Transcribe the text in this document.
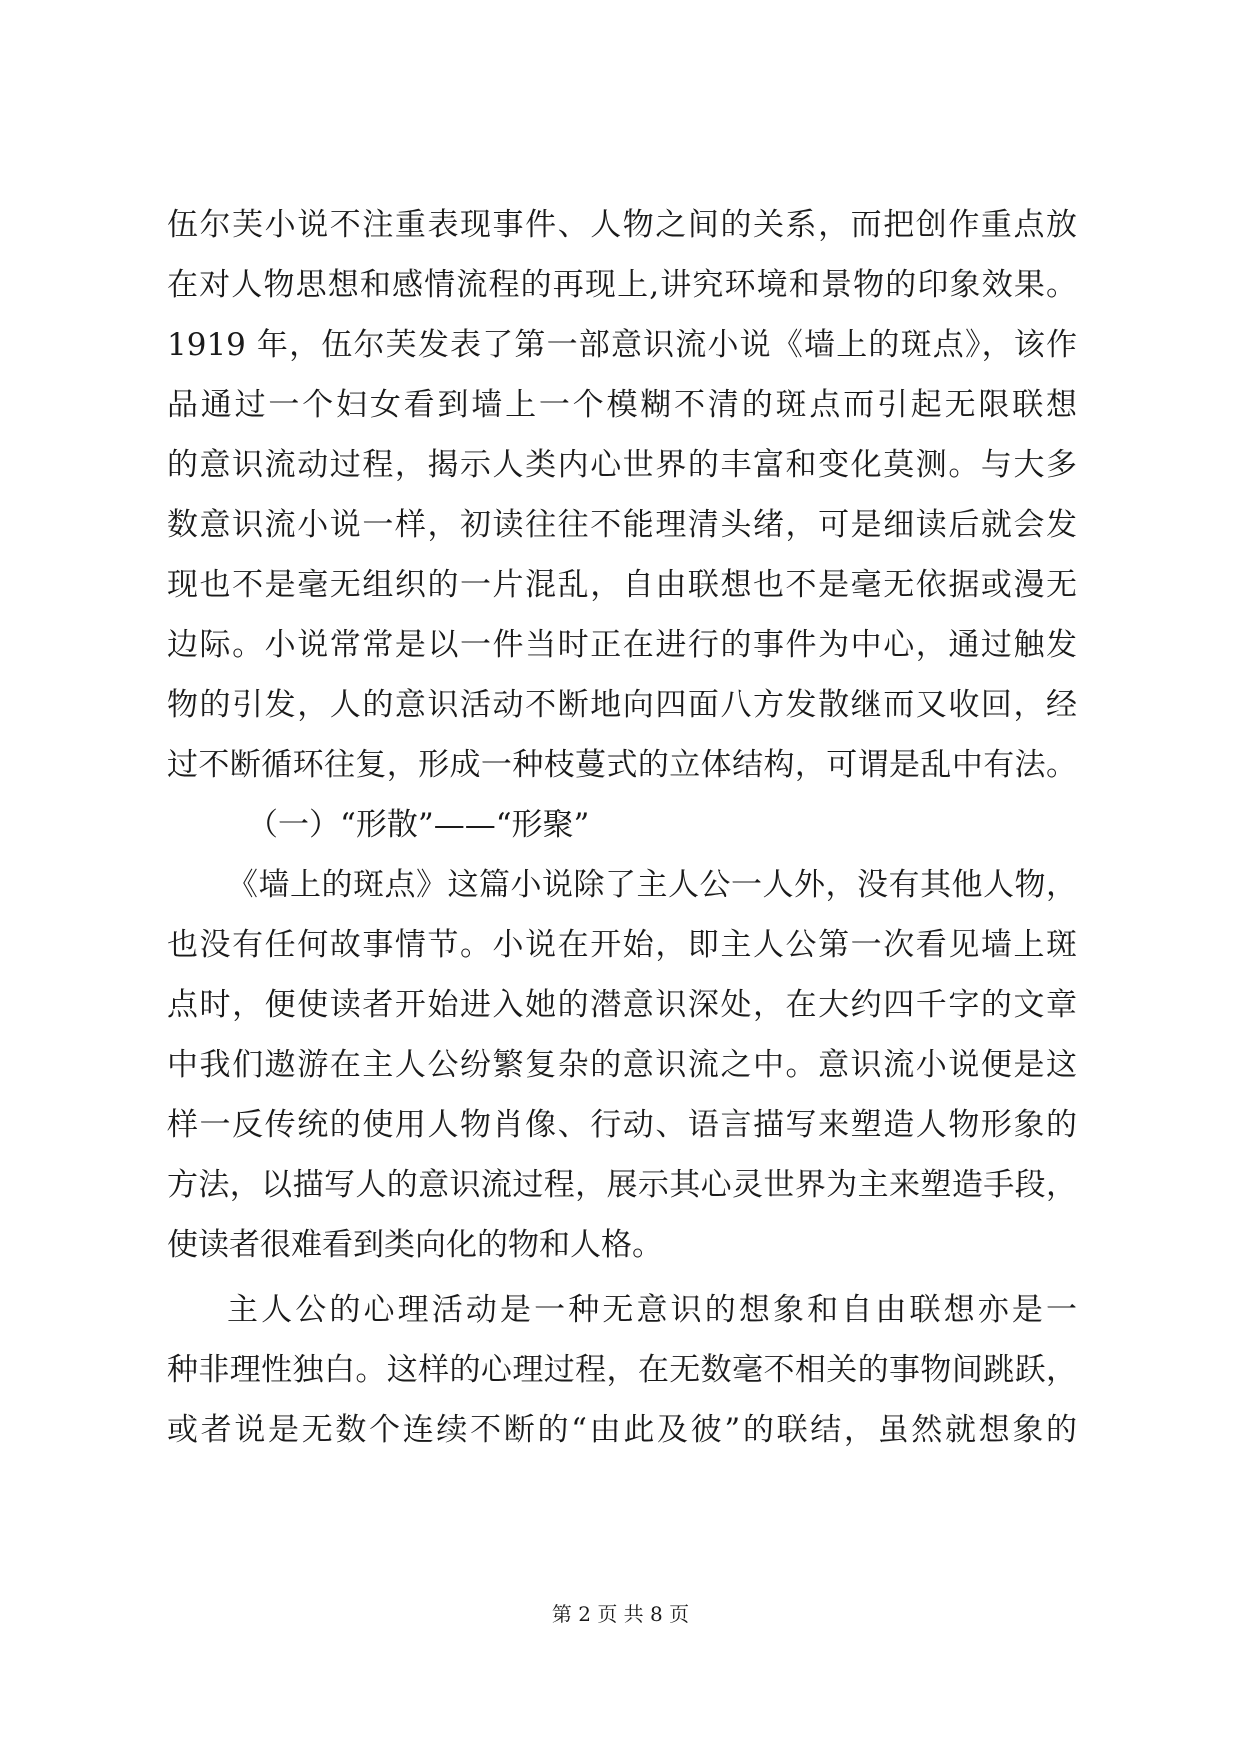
伍尔芙小说不注重表现事件、人物之间的关系，而把创作重点放
在对人物思想和感情流程的再现上,讲究环境和景物的印象效果。
1919 年，伍尔芙发表了第一部意识流小说《墙上的斑点》，该作
品通过一个妇女看到墙上一个模糊不清的斑点而引起无限联想
的意识流动过程，揭示人类内心世界的丰富和变化莫测。与大多
数意识流小说一样，初读往往不能理清头绪，可是细读后就会发
现也不是毫无组织的一片混乱，自由联想也不是毫无依据或漫无
边际。小说常常是以一件当时正在进行的事件为中心，通过触发
物的引发，人的意识活动不断地向四面八方发散继而又收回，经
过不断循环往复，形成一种枝蔓式的立体结构，可谓是乱中有法。
（一）“形散”——“形聚”
《墙上的斑点》这篇小说除了主人公一人外，没有其他人物，
也没有任何故事情节。小说在开始，即主人公第一次看见墙上斑
点时，便使读者开始进入她的潜意识深处，在大约四千字的文章
中我们遨游在主人公纷繁复杂的意识流之中。意识流小说便是这
样一反传统的使用人物肖像、行动、语言描写来塑造人物形象的
方法，以描写人的意识流过程，展示其心灵世界为主来塑造手段，
使读者很难看到类向化的物和人格。
主人公的心理活动是一种无意识的想象和自由联想亦是一
种非理性独白。这样的心理过程，在无数毫不相关的事物间跳跃，
或者说是无数个连续不断的“由此及彼”的联结，虽然就想象的
第 2 页 共 8 页
